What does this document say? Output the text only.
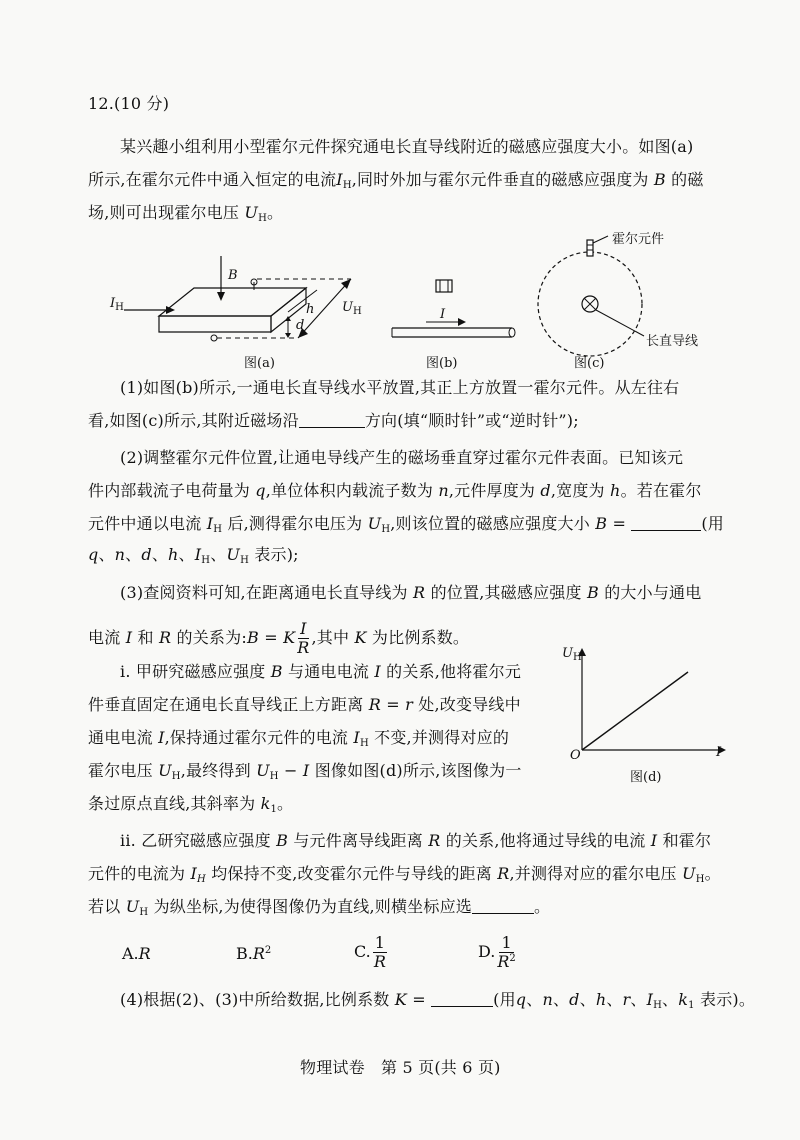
12.(10 分)
某兴趣小组利用小型霍尔元件探究通电长直导线附近的磁感应强度大小。如图(a)
所示,在霍尔元件中通入恒定的电流$I_H$,同时外加与霍尔元件垂直的磁感应强度为 B 的磁
场,则可出现霍尔电压 $U_H$。
B
$I_H$	h
d
$U_H$
图(a)
I
图(b)
霍尔元件
长直导线
图(c)
(1)如图(b)所示,一通电长直导线水平放置,其正上方放置一霍尔元件。从左往右
看,如图(c)所示,其附近磁场沿	方向(填“顺时针”或“逆时针”);
(2)调整霍尔元件位置,让通电导线产生的磁场垂直穿过霍尔元件表面。已知该元
件内部载流子电荷量为 q,单位体积内载流子数为 n,元件厚度为 d,宽度为 h。若在霍尔
元件中通以电流 $I_H$ 后,测得霍尔电压为 $U_H$,则该位置的磁感应强度大小 B =	(用
q、n、d、h、$I_H$、$U_H$ 表示);
(3)查阅资料可知,在距离通电长直导线为 R 的位置,其磁感应强度 B 的大小与通电
电流 I 和 R 的关系为:B = K $\frac{I}{R}$ ,其中 K 为比例系数。
i. 甲研究磁感应强度 B 与通电电流 I 的关系,他将霍尔元
件垂直固定在通电长直导线正上方距离 R = r 处,改变导线中
通电电流 I,保持通过霍尔元件的电流 $I_H$ 不变,并测得对应的
霍尔电压 $U_H$,最终得到 $U_H - I$ 图像如图(d)所示,该图像为一
条过原点直线,其斜率为 $k_1$。
$U_H$
O	I
图(d)
ii. 乙研究磁感应强度 B 与元件离导线距离 R 的关系,他将通过导线的电流 I 和霍尔
元件的电流为 $I_H$ 均保持不变,改变霍尔元件与导线的距离 R,并测得对应的霍尔电压 $U_H$。
若以 $U_H$ 为纵坐标,为使得图像仍为直线,则横坐标应选	。
A.R	$B.R^2$	C. $\frac{1}{R}$	D. $\frac{1}{R^2}$
(4)根据(2)、(3)中所给数据,比例系数 K =	(用q、n、d、h、r、$I_H$、$k_1$ 表示)。
物理试卷　第 5 页(共 6 页)
